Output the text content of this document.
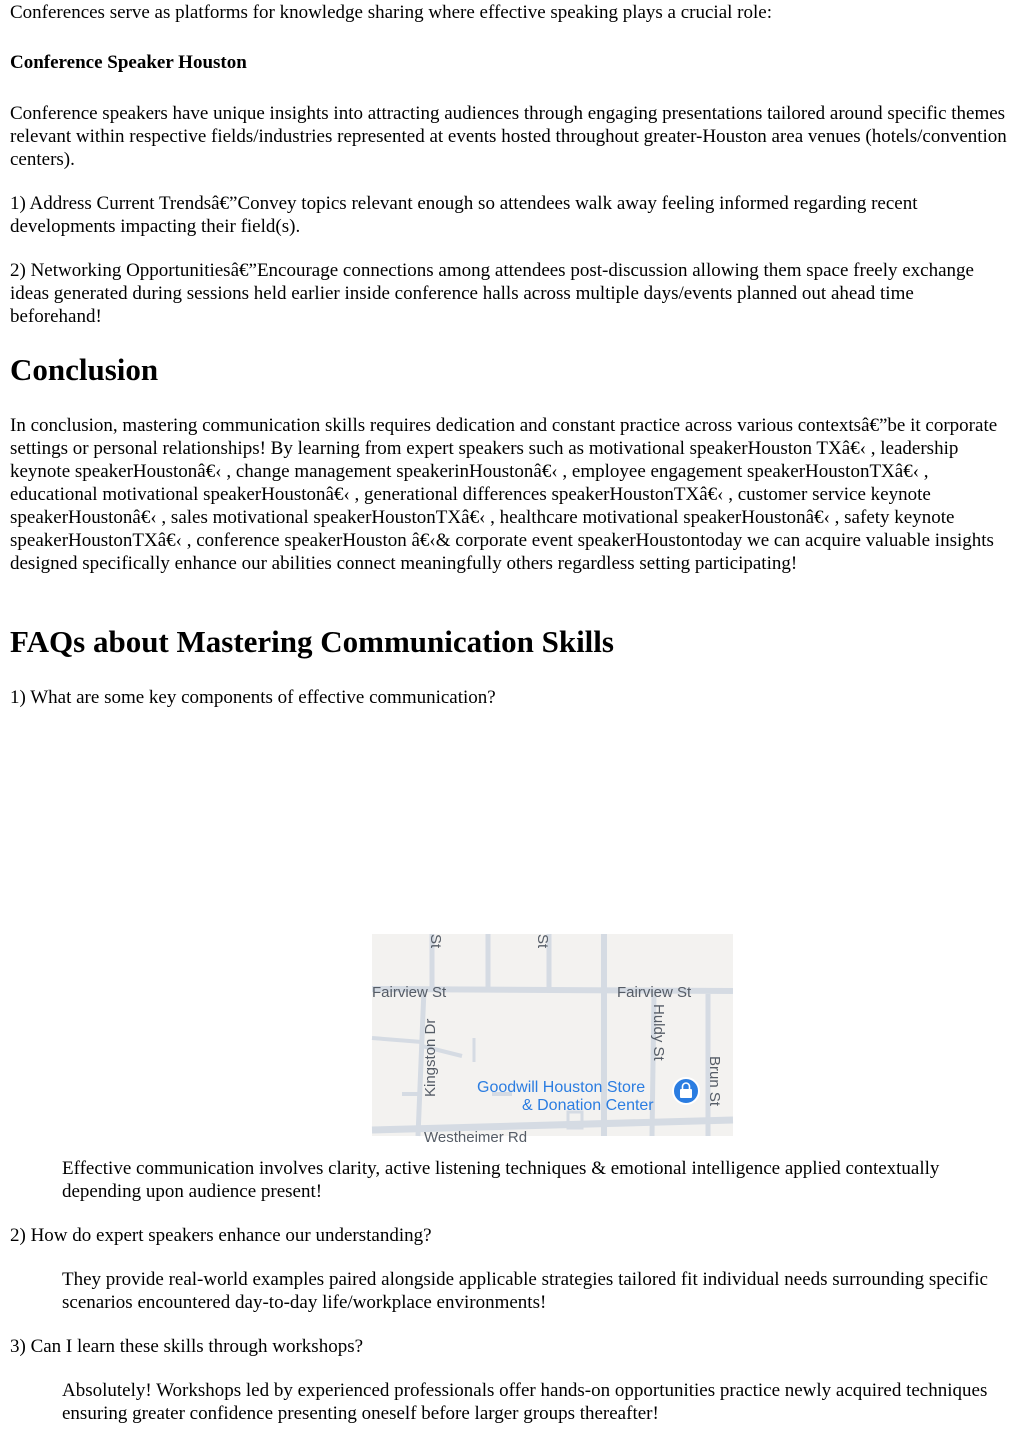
Conferences serve as platforms for knowledge sharing where effective speaking plays a crucial role:

Conference Speaker Houston

Conference speakers have unique insights into attracting audiences through engaging presentations tailored around specific themes relevant within respective fields/industries represented at events hosted throughout greater-Houston area venues (hotels/convention centers).

1) Address Current Trendsâ€”Convey topics relevant enough so attendees walk away feeling informed regarding recent developments impacting their field(s).

2) Networking Opportunitiesâ€”Encourage connections among attendees post-discussion allowing them space freely exchange ideas generated during sessions held earlier inside conference halls across multiple days/events planned out ahead time beforehand!

Conclusion

In conclusion, mastering communication skills requires dedication and constant practice across various contextsâ€”be it corporate settings or personal relationships! By learning from expert speakers such as motivational speakerHouston TXâ€‹ , leadership keynote speakerHoustonâ€‹ , change management speakerinHoustonâ€‹ , employee engagement speakerHoustonTXâ€‹ , educational motivational speakerHoustonâ€‹ , generational differences speakerHoustonTXâ€‹ , customer service keynote speakerHoustonâ€‹ , sales motivational speakerHoustonTXâ€‹ , healthcare motivational speakerHoustonâ€‹ , safety keynote speakerHoustonTXâ€‹ , conference speakerHouston â€‹& corporate event speakerHoustontoday we can acquire valuable insights designed specifically enhance our abilities connect meaningfully others regardless setting participating!

FAQs about Mastering Communication Skills

1) What are some key components of effective communication?

Fairview St	Fairview St
Kingston Dr	Huldy St
Brun St
St	St
Westheimer Rd
Goodwill Houston Store
& Donation Center

Effective communication involves clarity, active listening techniques & emotional intelligence applied contextually depending upon audience present!

2) How do expert speakers enhance our understanding?

They provide real-world examples paired alongside applicable strategies tailored fit individual needs surrounding specific scenarios encountered day-to-day life/workplace environments!

3) Can I learn these skills through workshops?

Absolutely! Workshops led by experienced professionals offer hands-on opportunities practice newly acquired techniques ensuring greater confidence presenting oneself before larger groups thereafter!
